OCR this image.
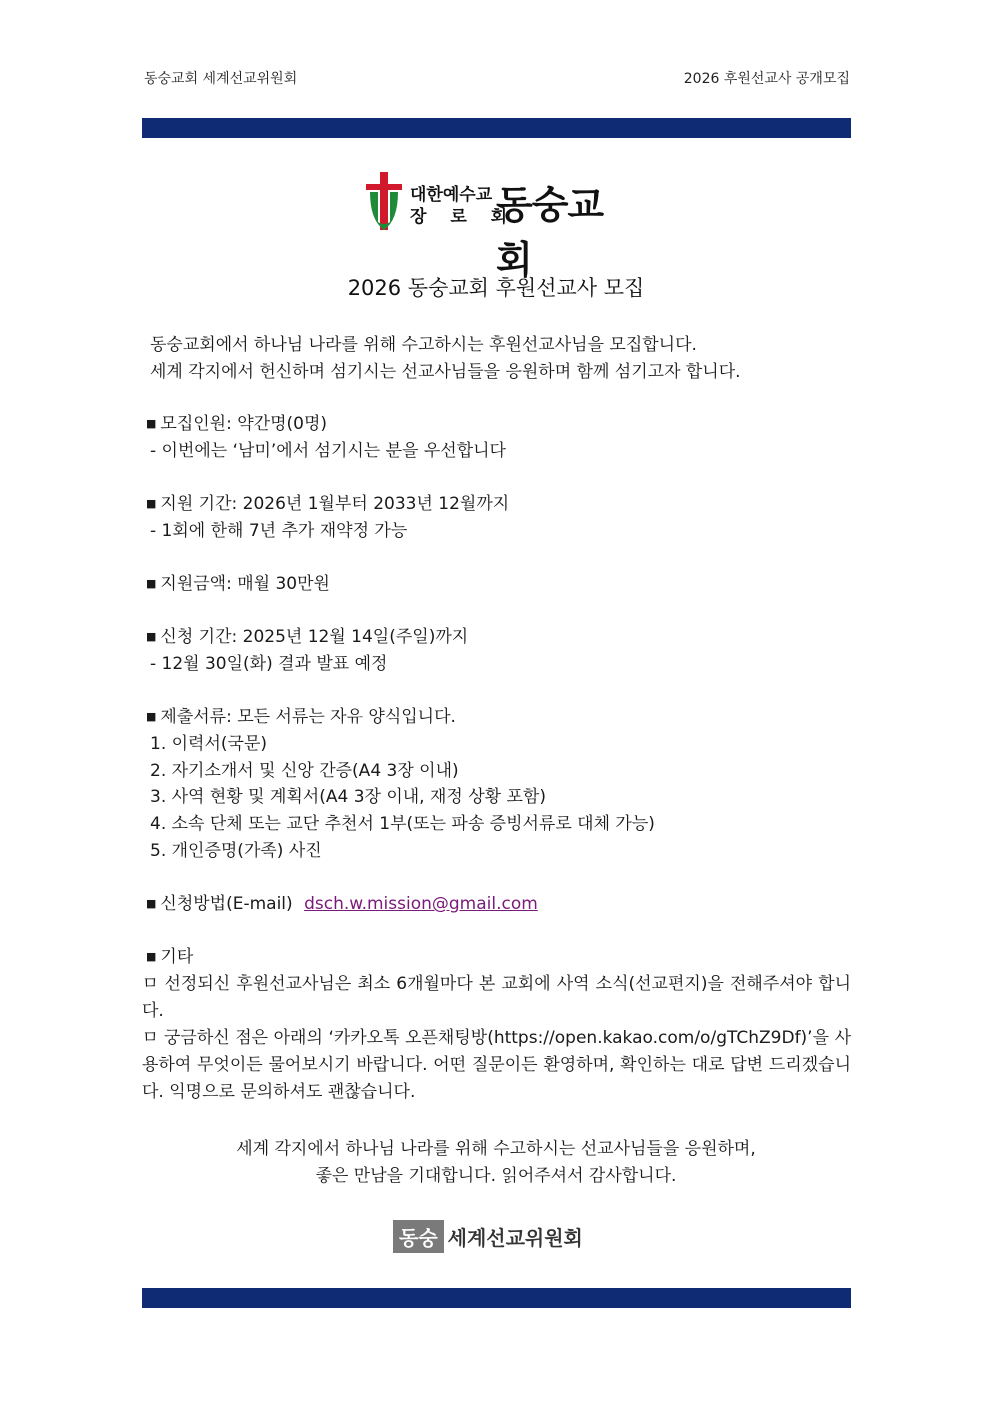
동숭교회 세계선교위원회	2026 후원선교사 공개모집
대한예수교
장 로 회
동숭교회
2026 동숭교회 후원선교사 모집
동숭교회에서 하나님 나라를 위해 수고하시는 후원선교사님을 모집합니다.
세계 각지에서 헌신하며 섬기시는 선교사님들을 응원하며 함께 섬기고자 합니다.
■ 모집인원: 약간명(0명)
- 이번에는 ‘남미’에서 섬기시는 분을 우선합니다
■ 지원 기간: 2026년 1월부터 2033년 12월까지
- 1회에 한해 7년 추가 재약정 가능
■ 지원금액: 매월 30만원
■ 신청 기간: 2025년 12월 14일(주일)까지
- 12월 30일(화) 결과 발표 예정
■ 제출서류: 모든 서류는 자유 양식입니다.
1. 이력서(국문)
2. 자기소개서 및 신앙 간증(A4 3장 이내)
3. 사역 현황 및 계획서(A4 3장 이내, 재정 상황 포함)
4. 소속 단체 또는 교단 추천서 1부(또는 파송 증빙서류로 대체 가능)
5. 개인증명(가족) 사진
■ 신청방법(E-mail) dsch.w.mission@gmail.com
■ 기타
ㅁ 선정되신 후원선교사님은 최소 6개월마다 본 교회에 사역 소식(선교편지)을 전해주셔야 합니다.
ㅁ 궁금하신 점은 아래의 ‘카카오톡 오픈채팅방(https://open.kakao.com/o/gTChZ9Df)’을 사용하여 무엇이든 물어보시기 바랍니다. 어떤 질문이든 환영하며, 확인하는 대로 답변 드리겠습니다. 익명으로 문의하셔도 괜찮습니다.
세계 각지에서 하나님 나라를 위해 수고하시는 선교사님들을 응원하며,
좋은 만남을 기대합니다. 읽어주셔서 감사합니다.
동숭 세계선교위원회
